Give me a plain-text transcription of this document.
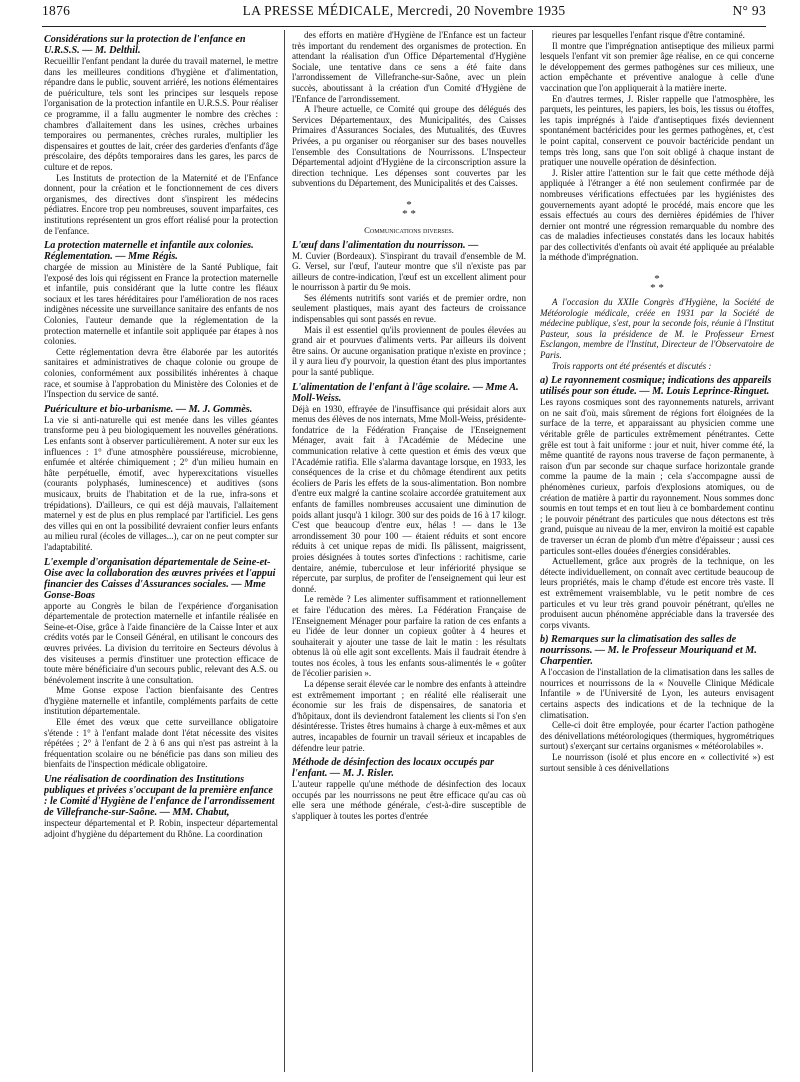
1876	LA PRESSE MÉDICALE, Mercredi, 20 Novembre 1935	N° 93
Considérations sur la protection de l'enfance en U.R.S.S. — M. Delthil.

Recueillir l'enfant pendant la durée du travail maternel, le mettre dans les meilleures conditions d'hygiène et d'alimentation, répandre dans le public, souvent arriéré, les notions élémentaires de puériculture, tels sont les principes sur lesquels repose l'organisation de la protection infantile en U.R.S.S. Pour réaliser ce programme, il a fallu augmenter le nombre des crèches : chambres d'allaitement dans les usines, crèches urbaines temporaires ou permanentes, crèches rurales, multiplier les dispensaires et gouttes de lait, créer des garderies d'enfants d'âge préscolaire, des dépôts temporaires dans les gares, les parcs de culture et de repos.

Les Instituts de protection de la Maternité et de l'Enfance donnent, pour la création et le fonctionnement de ces divers organismes, des directives dont s'inspirent les médecins pédiatres. Encore trop peu nombreuses, souvent imparfaites, ces institutions représentent un gros effort réalisé pour la protection de l'enfance.

La protection maternelle et infantile aux colonies. Réglementation. — Mme Régis.

chargée de mission au Ministère de la Santé Publique, fait l'exposé des lois qui régissent en France la protection maternelle et infantile, puis considérant que la lutte contre les fléaux sociaux et les tares héréditaires pour l'amélioration de nos races indigènes nécessite une surveillance sanitaire des enfants de nos Colonies, l'auteur demande que la réglementation de la protection maternelle et infantile soit appliquée par étapes à nos colonies.

Cette réglementation devra être élaborée par les autorités sanitaires et administratives de chaque colonie ou groupe de colonies, conformément aux possibilités inhérentes à chaque race, et soumise à l'approbation du Ministère des Colonies et de l'Inspection du service de santé.

Puériculture et bio-urbanisme. — M. J. Gommès.

La vie si anti-naturelle qui est menée dans les villes géantes transforme peu à peu biologiquement les nouvelles générations. Les enfants sont à observer particulièrement. A noter sur eux les influences : 1° d'une atmosphère poussiéreuse, microbienne, enfumée et altérée chimiquement ; 2° d'un milieu humain en hâte perpétuelle, émotif, avec hyperexcitations visuelles (courants polyphasés, luminescence) et auditives (sons musicaux, bruits de l'habitation et de la rue, infra-sons et trépidations). D'ailleurs, ce qui est déjà mauvais, l'allaitement maternel y est de plus en plus remplacé par l'artificiel. Les gens des villes qui en ont la possibilité devraient confier leurs enfants au milieu rural (écoles de villages...), car on ne peut compter sur l'adaptabilité.

L'exemple d'organisation départementale de Seine-et-Oise avec la collaboration des œuvres privées et l'appui financier des Caisses d'Assurances sociales. — Mme Gonse-Boas

apporte au Congrès le bilan de l'expérience d'organisation départementale de protection maternelle et infantile réalisée en Seine-et-Oise, grâce à l'aide financière de la Caisse Inter et aux crédits votés par le Conseil Général, en utilisant le concours des œuvres privées. La division du territoire en Secteurs dévolus à des visiteuses a permis d'instituer une protection efficace de toute mère bénéficiaire d'un secours public, relevant des A.S. ou bénévolement inscrite à une consultation.

Mme Gonse expose l'action bienfaisante des Centres d'hygiène maternelle et infantile, compléments parfaits de cette institution départementale.

Elle émet des vœux que cette surveillance obligatoire s'étende : 1° à l'enfant malade dont l'état nécessite des visites répétées ; 2° à l'enfant de 2 à 6 ans qui n'est pas astreint à la fréquentation scolaire ou ne bénéficie pas dans son milieu des bienfaits de l'inspection médicale obligatoire.

Une réalisation de coordination des Institutions publiques et privées s'occupant de la première enfance : le Comité d'Hygiène de l'enfance de l'arrondissement de Villefranche-sur-Saône. — MM. Chabut,

inspecteur départemental et P. Robin, inspecteur départemental adjoint d'hygiène du département du Rhône. La coordination

des efforts en matière d'Hygiène de l'Enfance est un facteur très important du rendement des organismes de protection. En attendant la réalisation d'un Office Départemental d'Hygiène Sociale, une tentative dans ce sens a été faite dans l'arrondissement de Villefranche-sur-Saône, avec un plein succès, aboutissant à la création d'un Comité d'Hygiène de l'Enfance de l'arrondissement.

A l'heure actuelle, ce Comité qui groupe des délégués des Services Départementaux, des Municipalités, des Caisses Primaires d'Assurances Sociales, des Mutualités, des Œuvres Privées, a pu organiser ou réorganiser sur des bases nouvelles l'ensemble des Consultations de Nourrissons. L'Inspecteur Départemental adjoint d'Hygiène de la circonscription assure la direction technique. Les dépenses sont couvertes par les subventions du Département, des Municipalités et des Caisses.

*
* *
Communications diverses.
L'œuf dans l'alimentation du nourrisson. —

M. Cuvier (Bordeaux). S'inspirant du travail d'ensemble de M. G. Versel, sur l'œuf, l'auteur montre que s'il n'existe pas par ailleurs de contre-indication, l'œuf est un excellent aliment pour le nourrisson à partir du 9e mois.

Ses éléments nutritifs sont variés et de premier ordre, non seulement plastiques, mais ayant des facteurs de croissance indispensables qui sont passés en revue.

Mais il est essentiel qu'ils proviennent de poules élevées au grand air et pourvues d'aliments verts. Par ailleurs ils doivent être sains. Or aucune organisation pratique n'existe en province ; il y aura lieu d'y pourvoir, la question étant des plus importantes pour la santé publique.

L'alimentation de l'enfant à l'âge scolaire. — Mme A. Moll-Weiss.

Déjà en 1930, effrayée de l'insuffisance qui présidait alors aux menus des élèves de nos internats, Mme Moll-Weiss, présidente-fondatrice de la Fédération Française de l'Enseignement Ménager, avait fait à l'Académie de Médecine une communication relative à cette question et émis des vœux que l'Académie ratifia. Elle s'alarma davantage lorsque, en 1933, les conséquences de la crise et du chômage étendirent aux petits écoliers de Paris les effets de la sous-alimentation. Bon nombre d'entre eux malgré la cantine scolaire accordée gratuitement aux enfants de familles nombreuses accusaient une diminution de poids allant jusqu'à 1 kilogr. 300 sur des poids de 16 à 17 kilogr. C'est que beaucoup d'entre eux, hélas ! — dans le 13e arrondissement 30 pour 100 — étaient réduits et sont encore réduits à cet unique repas de midi. Ils pâlissent, maigrissent, proies désignées à toutes sortes d'infections : rachitisme, carie dentaire, anémie, tuberculose et leur infériorité physique se répercute, par surplus, de profiter de l'enseignement qui leur est donné.

Le remède ? Les alimenter suffisamment et rationnellement et faire l'éducation des mères. La Fédération Française de l'Enseignement Ménager pour parfaire la ration de ces enfants a eu l'idée de leur donner un copieux goûter à 4 heures et souhaiterait y ajouter une tasse de lait le matin : les résultats obtenus là où elle agit sont excellents. Mais il faudrait étendre à toutes nos écoles, à tous les enfants sous-alimentés le « goûter de l'écolier parisien ».

La dépense serait élevée car le nombre des enfants à atteindre est extrêmement important ; en réalité elle réaliserait une économie sur les frais de dispensaires, de sanatoria et d'hôpitaux, dont ils deviendront fatalement les clients si l'on s'en désintéresse. Tristes êtres humains à charge à eux-mêmes et aux autres, incapables de fournir un travail sérieux et incapables de défendre leur patrie.

Méthode de désinfection des locaux occupés par l'enfant. — M. J. Risler.

L'auteur rappelle qu'une méthode de désinfection des locaux occupés par les nourrissons ne peut être efficace qu'au cas où elle sera une méthode générale, c'est-à-dire susceptible de s'appliquer à toutes les portes d'entrée

rieures par lesquelles l'enfant risque d'être contaminé.

Il montre que l'imprégnation antiseptique des milieux parmi lesquels l'enfant vit son premier âge réalise, en ce qui concerne le développement des germes pathogènes sur ces milieux, une action empêchante et préventive analogue à celle d'une vaccination que l'on appliquerait à la matière inerte.

En d'autres termes, J. Risler rappelle que l'atmosphère, les parquets, les peintures, les papiers, les bois, les tissus ou étoffes, les tapis imprégnés à l'aide d'antiseptiques fixés deviennent spontanément bactéricides pour les germes pathogènes, et, c'est le point capital, conservent ce pouvoir bactéricide pendant un temps très long, sans que l'on soit obligé à chaque instant de pratiquer une nouvelle opération de désinfection.

J. Risler attire l'attention sur le fait que cette méthode déjà appliquée à l'étranger a été non seulement confirmée par de nombreuses vérifications effectuées par les hygiénistes des gouvernements ayant adopté le procédé, mais encore que les essais effectués au cours des dernières épidémies de l'hiver dernier ont montré une régression remarquable du nombre des cas de maladies infectieuses constatés dans les locaux habités par des collectivités d'enfants où avait été appliquée au préalable la méthode d'imprégnation.

*
* *

A l'occasion du XXIIe Congrès d'Hygiène, la Société de Météorologie médicale, créée en 1931 par la Société de médecine publique, s'est, pour la seconde fois, réunie à l'Institut Pasteur, sous la présidence de M. le Professeur Ernest Esclangon, membre de l'Institut, Directeur de l'Observatoire de Paris.

Trois rapports ont été présentés et discutés :

a) Le rayonnement cosmique; indications des appareils utilisés pour son étude. — M. Louis Leprince-Ringuet.

Les rayons cosmiques sont des rayonnements naturels, arrivant on ne sait d'où, mais sûrement de régions fort éloignées de la surface de la terre, et apparaissant au physicien comme une véritable grêle de particules extrêmement pénétrantes. Cette grêle est tout à fait uniforme : jour et nuit, hiver comme été, la même quantité de rayons nous traverse de façon permanente, à raison d'un par seconde sur chaque surface horizontale grande comme la paume de la main ; cela s'accompagne aussi de phénomènes curieux, parfois d'explosions atomiques, ou de création de matière à partir du rayonnement. Nous sommes donc soumis en tout temps et en tout lieu à ce bombardement continu ; le pouvoir pénétrant des particules que nous détectons est très grand, puisque au niveau de la mer, environ la moitié est capable de traverser un écran de plomb d'un mètre d'épaisseur ; aussi ces particules sont-elles douées d'énergies considérables.

Actuellement, grâce aux progrès de la technique, on les détecte individuellement, on connaît avec certitude beaucoup de leurs propriétés, mais le champ d'étude est encore très vaste. Il est extrêmement vraisemblable, vu le petit nombre de ces particules et vu leur très grand pouvoir pénétrant, qu'elles ne produisent aucun phénomène appréciable dans la traversée des corps vivants.

b) Remarques sur la climatisation des salles de nourrissons. — M. le Professeur Mouriquand et M. Charpentier.

A l'occasion de l'installation de la climatisation dans les salles de nourrices et nourrissons de la « Nouvelle Clinique Médicale Infantile » de l'Université de Lyon, les auteurs envisagent certains aspects des indications et de la technique de la climatisation.

Celle-ci doit être employée, pour écarter l'action pathogène des dénivellations météorologiques (thermiques, hygrométriques surtout) s'exerçant sur certains organismes « météorolabiles ».

Le nourrisson (isolé et plus encore en « collectivité ») est surtout sensible à ces dénivellations
